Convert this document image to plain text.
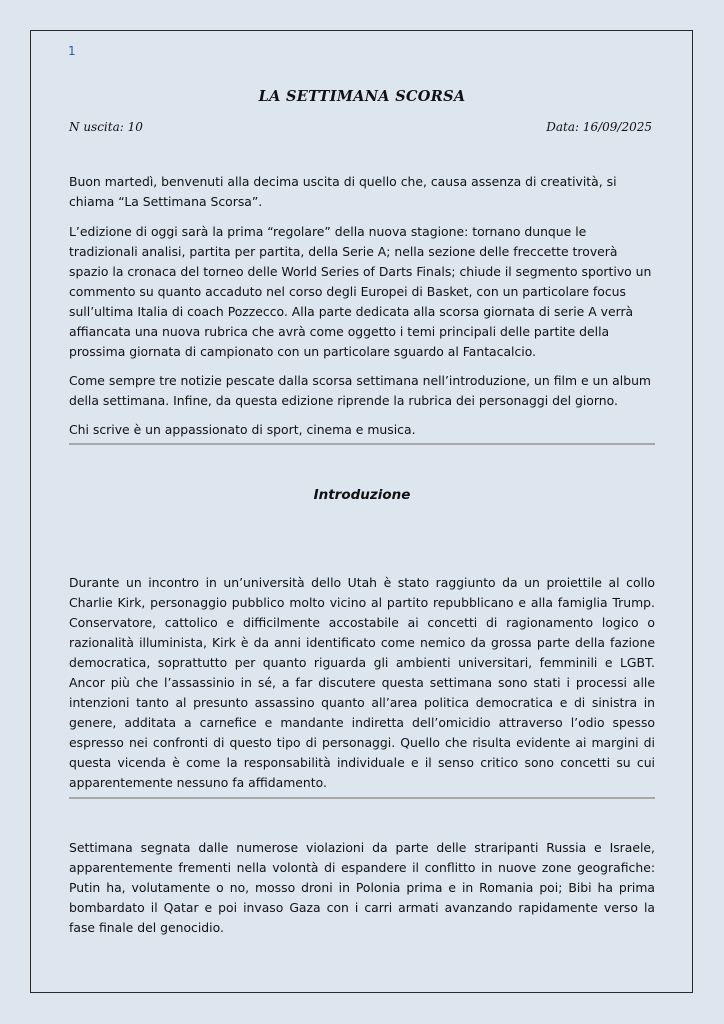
1
LA SETTIMANA SCORSA
N uscita: 10	Data: 16/09/2025

Buon martedì, benvenuti alla decima uscita di quello che, causa assenza di creatività, si chiama “La Settimana Scorsa”.

L’edizione di oggi sarà la prima “regolare” della nuova stagione: tornano dunque le tradizionali analisi, partita per partita, della Serie A; nella sezione delle freccette troverà spazio la cronaca del torneo delle World Series of Darts Finals; chiude il segmento sportivo un commento su quanto accaduto nel corso degli Europei di Basket, con un particolare focus sull’ultima Italia di coach Pozzecco. Alla parte dedicata alla scorsa giornata di serie A verrà affiancata una nuova rubrica che avrà come oggetto i temi principali delle partite della prossima giornata di campionato con un particolare sguardo al Fantacalcio.

Come sempre tre notizie pescate dalla scorsa settimana nell’introduzione, un film e un album della settimana. Infine, da questa edizione riprende la rubrica dei personaggi del giorno.

Chi scrive è un appassionato di sport, cinema e musica.

Introduzione

Durante un incontro in un’università dello Utah è stato raggiunto da un proiettile al collo Charlie Kirk, personaggio pubblico molto vicino al partito repubblicano e alla famiglia Trump. Conservatore, cattolico e difficilmente accostabile ai concetti di ragionamento logico o razionalità illuminista, Kirk è da anni identificato come nemico da grossa parte della fazione democratica, soprattutto per quanto riguarda gli ambienti universitari, femminili e LGBT. Ancor più che l’assassinio in sé, a far discutere questa settimana sono stati i processi alle intenzioni tanto al presunto assassino quanto all’area politica democratica e di sinistra in genere, additata a carnefice e mandante indiretta dell’omicidio attraverso l’odio spesso espresso nei confronti di questo tipo di personaggi. Quello che risulta evidente ai margini di questa vicenda è come la responsabilità individuale e il senso critico sono concetti su cui apparentemente nessuno fa affidamento.

Settimana segnata dalle numerose violazioni da parte delle straripanti Russia e Israele, apparentemente frementi nella volontà di espandere il conflitto in nuove zone geografiche: Putin ha, volutamente o no, mosso droni in Polonia prima e in Romania poi; Bibi ha prima bombardato il Qatar e poi invaso Gaza con i carri armati avanzando rapidamente verso la fase finale del genocidio.
